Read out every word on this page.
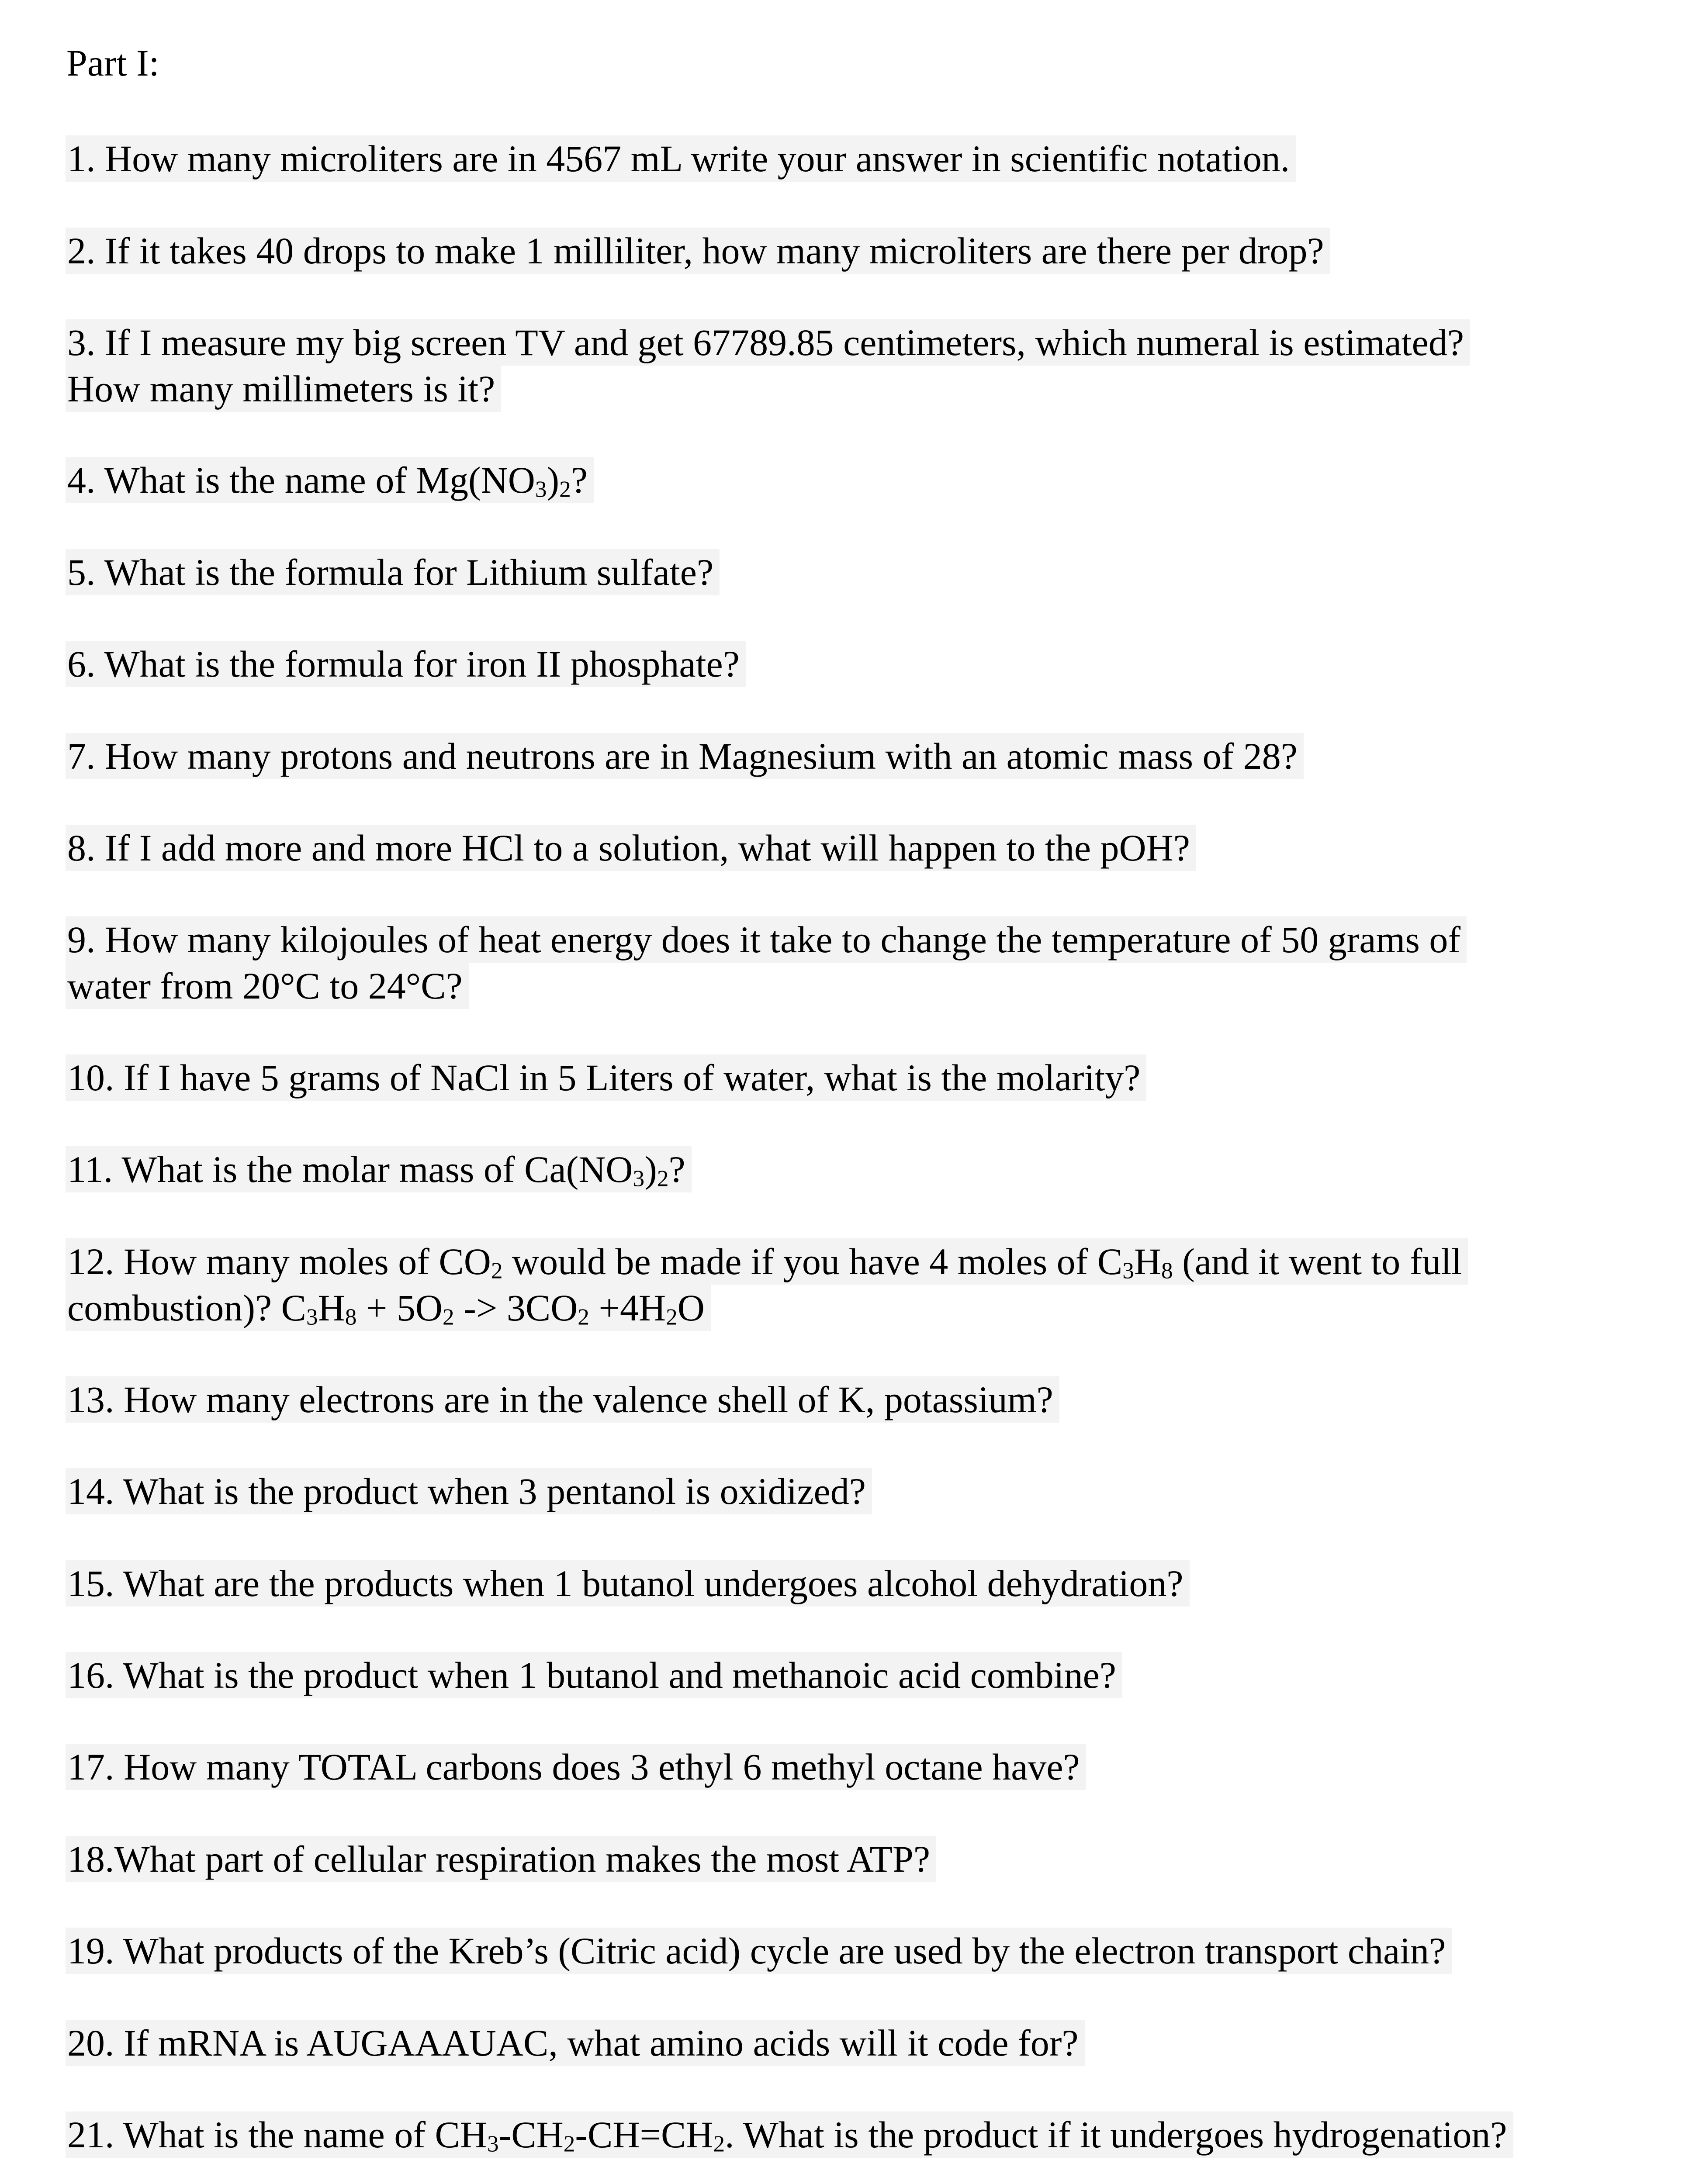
Part I:
1. How many microliters are in 4567 mL write your answer in scientific notation.
2. If it takes 40 drops to make 1 milliliter, how many microliters are there per drop?
3. If I measure my big screen TV and get 67789.85 centimeters, which numeral is estimated?
How many millimeters is it?
4. What is the name of $Mg(NO_3)_2$?
5. What is the formula for Lithium sulfate?
6. What is the formula for iron II phosphate?
7. How many protons and neutrons are in Magnesium with an atomic mass of 28?
8. If I add more and more HCl to a solution, what will happen to the pOH?
9. How many kilojoules of heat energy does it take to change the temperature of 50 grams of
water from 20°C to 24°C?
10. If I have 5 grams of NaCl in 5 Liters of water, what is the molarity?
11. What is the molar mass of $Ca(NO_3)_2$?
12. How many moles of $CO_2$ would be made if you have 4 moles of $C_3H_8$ (and it went to full
combustion)? $C_3H_8 + 5O_2 -> 3CO_2 +4H_2O$
13. How many electrons are in the valence shell of K, potassium?
14. What is the product when 3 pentanol is oxidized?
15. What are the products when 1 butanol undergoes alcohol dehydration?
16. What is the product when 1 butanol and methanoic acid combine?
17. How many TOTAL carbons does 3 ethyl 6 methyl octane have?
18.What part of cellular respiration makes the most ATP?
19. What products of the Kreb’s (Citric acid) cycle are used by the electron transport chain?
20. If mRNA is AUGAAAUAC, what amino acids will it code for?
21. What is the name of $CH_3-CH_2-CH=CH_2$. What is the product if it undergoes hydrogenation?
